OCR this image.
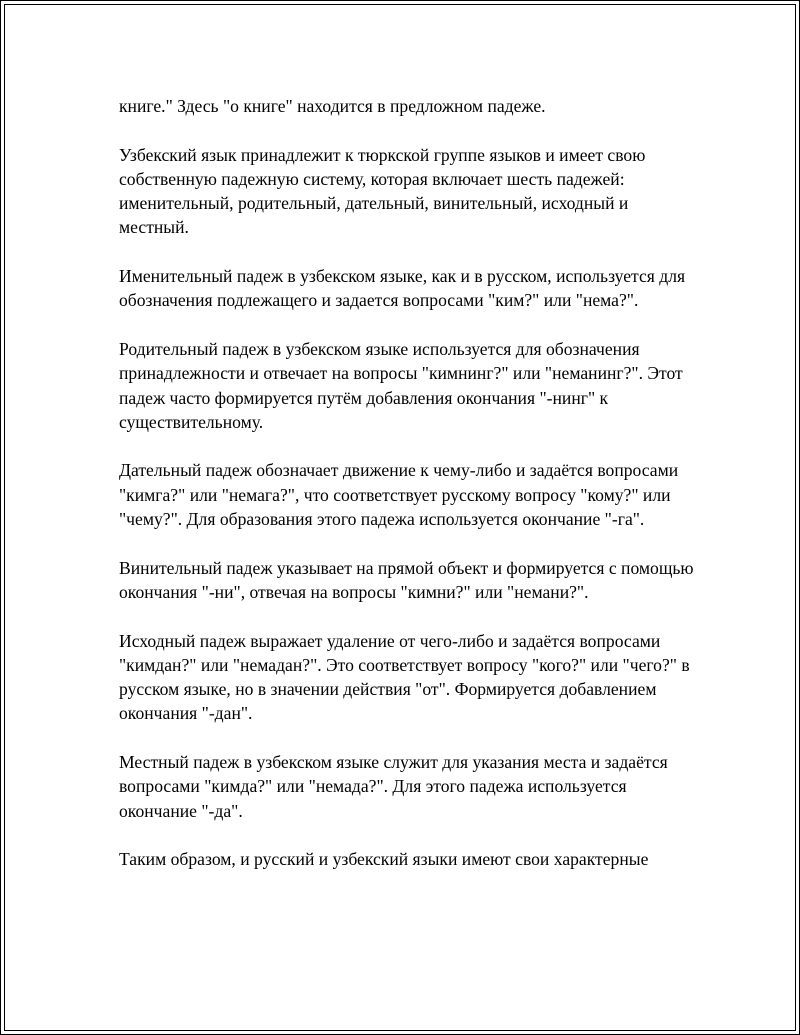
книге." Здесь "о книге" находится в предложном падеже.

Узбекский язык принадлежит к тюркской группе языков и имеет свою собственную падежную систему, которая включает шесть падежей: именительный, родительный, дательный, винительный, исходный и местный.

Именительный падеж в узбекском языке, как и в русском, используется для обозначения подлежащего и задается вопросами "ким?" или "нема?".

Родительный падеж в узбекском языке используется для обозначения принадлежности и отвечает на вопросы "кимнинг?" или "неманинг?". Этот падеж часто формируется путём добавления окончания "-нинг" к существительному.

Дательный падеж обозначает движение к чему-либо и задаётся вопросами "кимга?" или "немага?", что соответствует русскому вопросу "кому?" или "чему?". Для образования этого падежа используется окончание "-га".

Винительный падеж указывает на прямой объект и формируется с помощью окончания "-ни", отвечая на вопросы "кимни?" или "немани?".

Исходный падеж выражает удаление от чего-либо и задаётся вопросами "кимдан?" или "немадан?". Это соответствует вопросу "кого?" или "чего?" в русском языке, но в значении действия "от". Формируется добавлением окончания "-дан".

Местный падеж в узбекском языке служит для указания места и задаётся вопросами "кимда?" или "немада?". Для этого падежа используется окончание "-да".

Таким образом, и русский и узбекский языки имеют свои характерные
